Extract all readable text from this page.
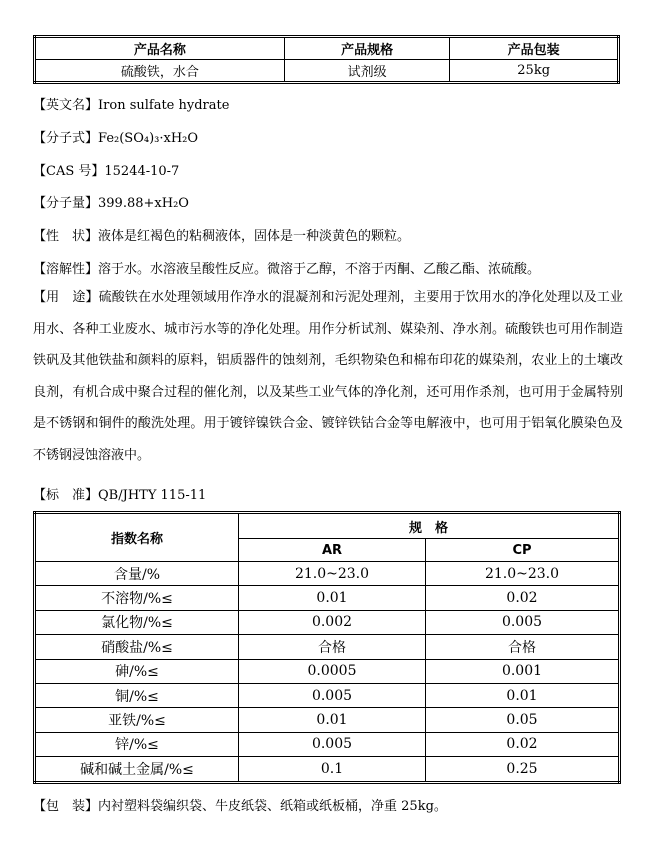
产品名称	产品规格	产品包装
硫酸铁，水合	试剂级	25kg
【英文名】Iron sulfate hydrate
【分子式】Fe₂(SO₄)₃·xH₂O
【CAS 号】15244-10-7
【分子量】399.88+xH₂O
【性　状】液体是红褐色的粘稠液体，固体是一种淡黄色的颗粒。
【溶解性】溶于水。水溶液呈酸性反应。微溶于乙醇，不溶于丙酮、乙酸乙酯、浓硫酸。
【用　途】硫酸铁在水处理领域用作净水的混凝剂和污泥处理剂，主要用于饮用水的净化处理以及工业用水、各种工业废水、城市污水等的净化处理。用作分析试剂、媒染剂、净水剂。硫酸铁也可用作制造铁矾及其他铁盐和颜料的原料，铝质器件的蚀刻剂，毛织物染色和棉布印花的媒染剂，农业上的土壤改良剂，有机合成中聚合过程的催化剂，以及某些工业气体的净化剂，还可用作杀剂，也可用于金属特别是不锈钢和铜件的酸洗处理。用于镀锌镍铁合金、镀锌铁钴合金等电解液中，也可用于铝氧化膜染色及不锈钢浸蚀溶液中。
【标　准】QB/JHTY 115-11
指数名称	规　格	
	AR	CP
含量/%	21.0~23.0	21.0~23.0
不溶物/%≤	0.01	0.02
氯化物/%≤	0.002	0.005
硝酸盐/%≤	合格	合格
砷/%≤	0.0005	0.001
铜/%≤	0.005	0.01
亚铁/%≤	0.01	0.05
锌/%≤	0.005	0.02
碱和碱土金属/%≤	0.1	0.25
【包　装】内衬塑料袋编织袋、牛皮纸袋、纸箱或纸板桶，净重 25kg。
